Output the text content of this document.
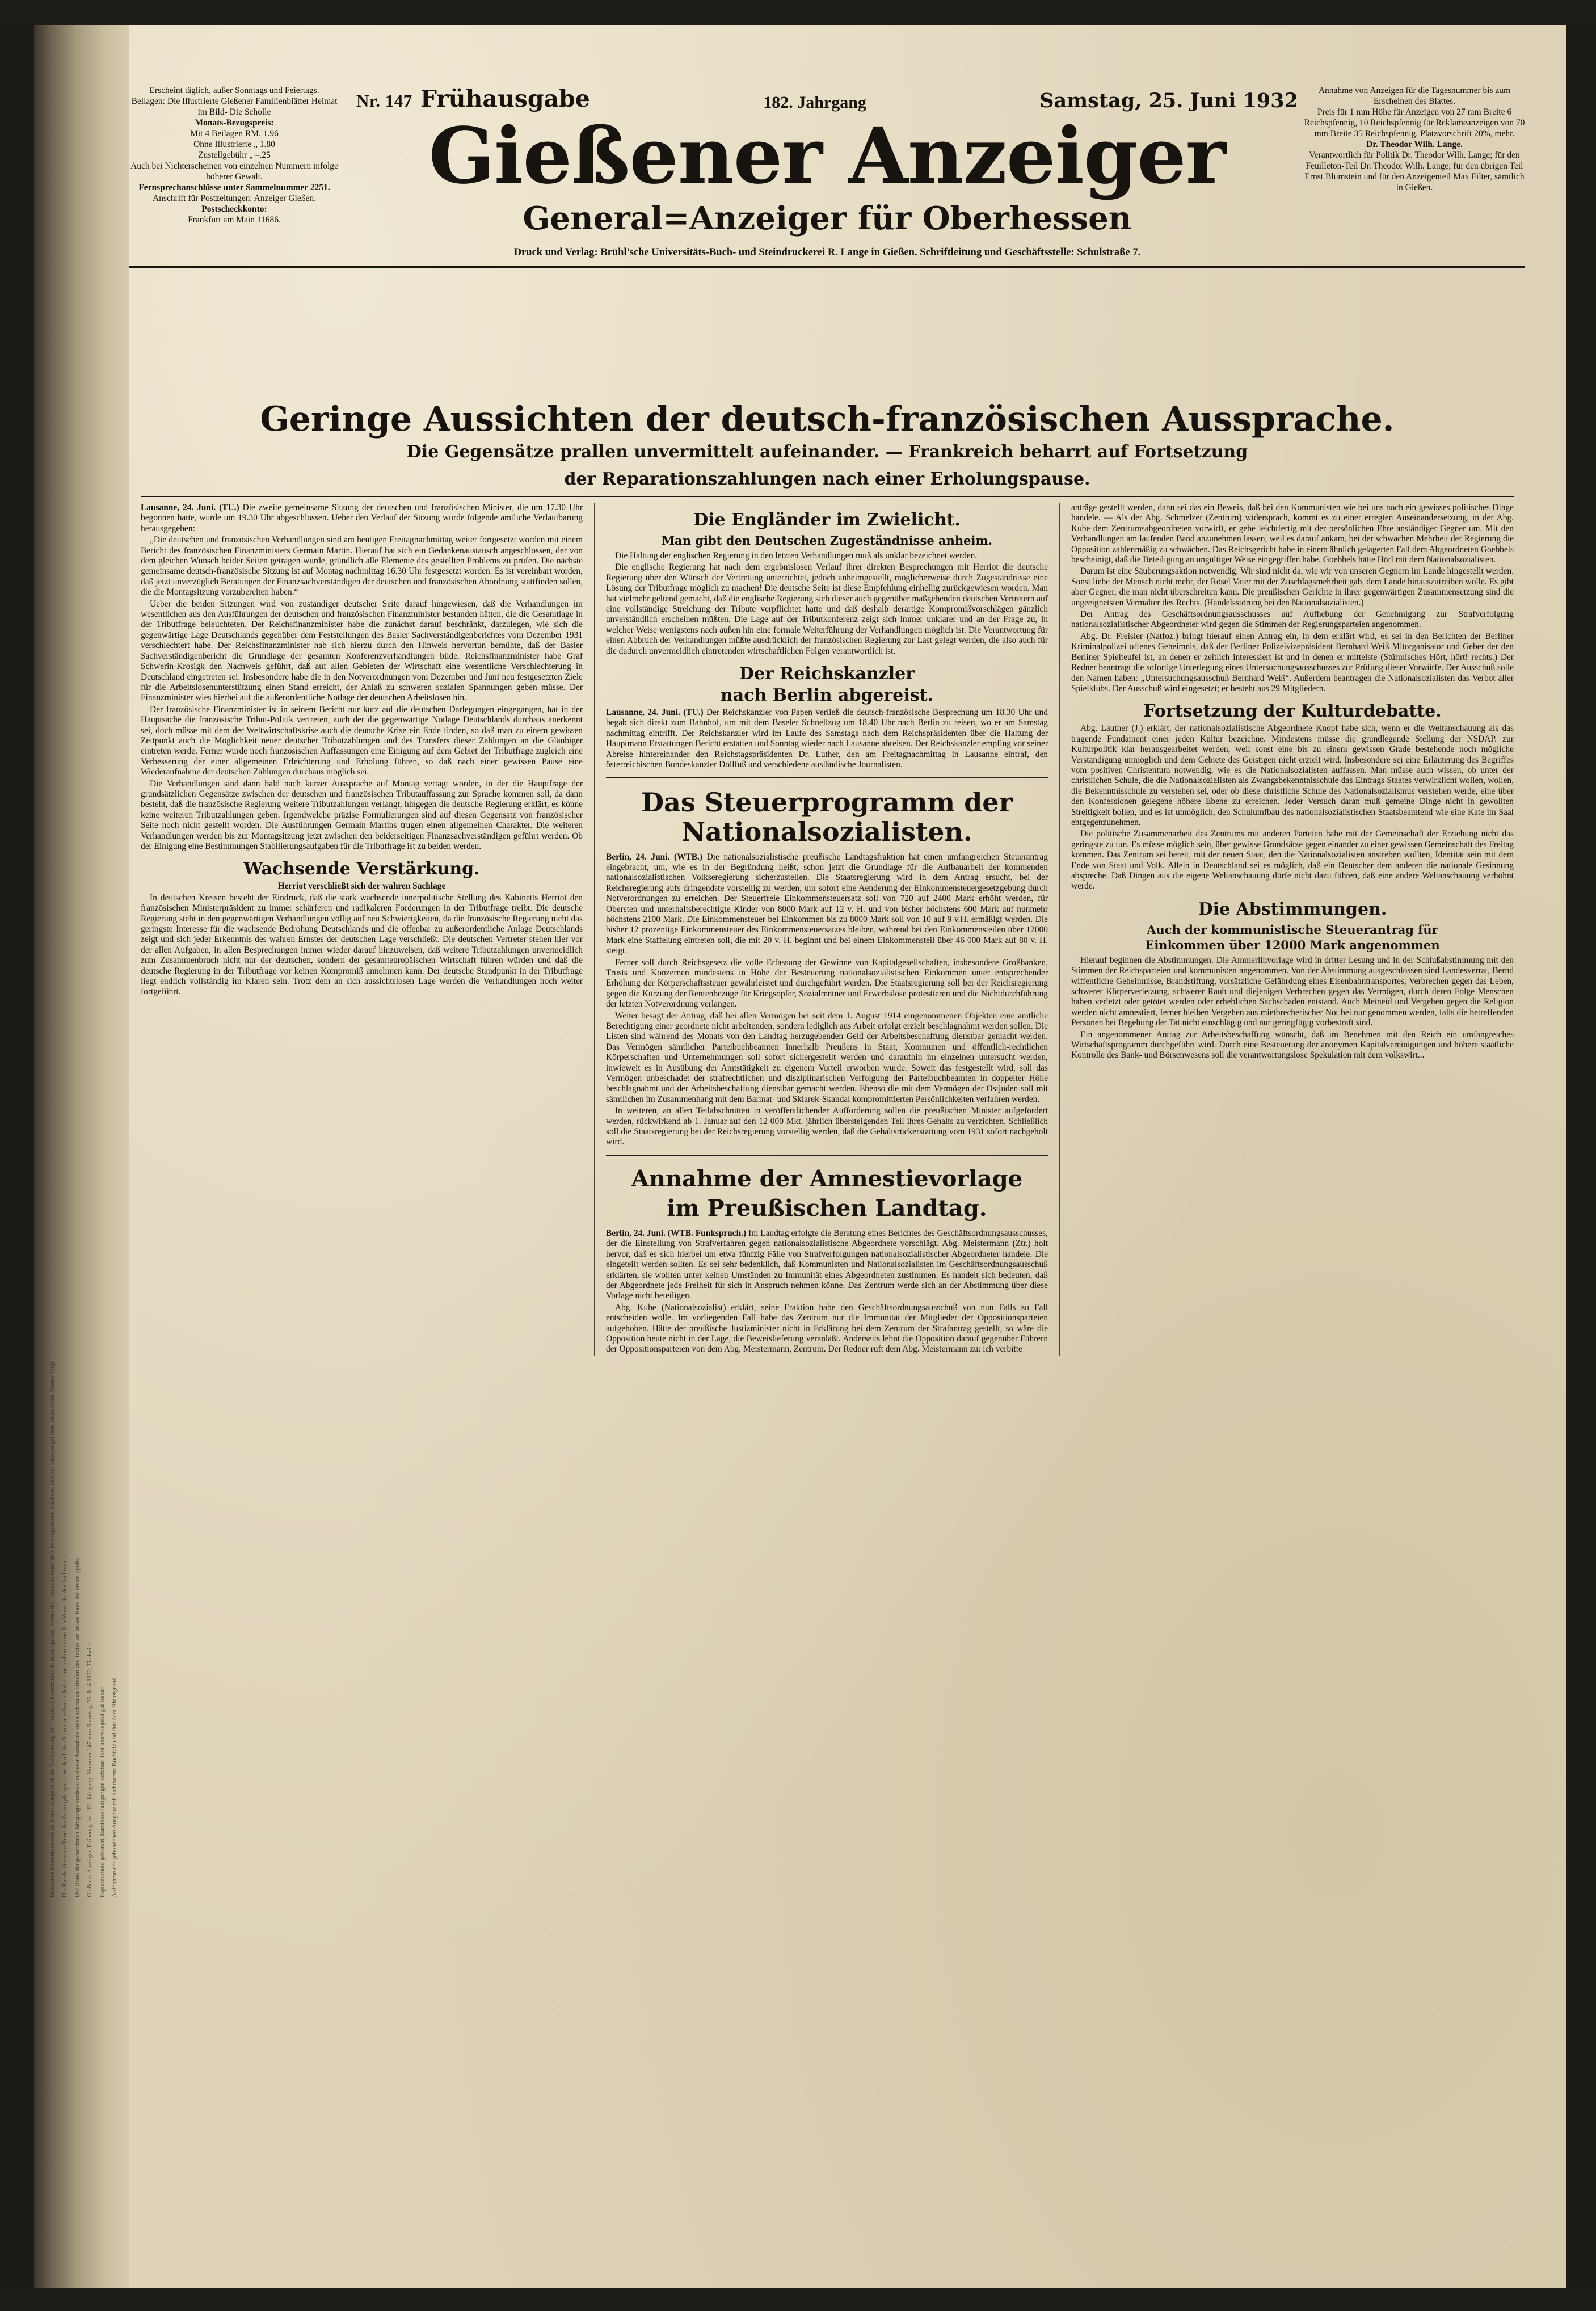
Besonders bemerkenswert an dieser Ausgabe ist die Verwendung der Fraktur-Überschriften in allen Spalten, wobei die Titelzeile besonders hervorgehoben erscheint und der Satzspiegel dem klassischen Muster folgt. Die Randnotizen am Bund des Zeitungsbogens sind durch den Scan nur teilweise lesbar und stellen vermutlich Vermerke des Archivs dar. Der Bund der gebundenen Jahrgänge verdeckt in dieser Aufnahme einen schmalen Streifen des Textes am linken Rand der ersten Spalte. Gießener Anzeiger, Frühausgabe, 182. Jahrgang, Nummer 147 vom Samstag, 25. Juni 1932, Titelseite. Papierzustand gebräunt, Randbeschädigungen sichtbar, Text überwiegend gut lesbar. Aufnahme der gebundenen Ausgabe mit sichtbarem Buchfalz und dunklem Hintergrund.
Erscheint täglich, außer Sonntags und Feiertags.
Beilagen: Die Illustrierte Gießener Familienblätter Heimat im Bild- Die Scholle
Monats-Bezugspreis:
Mit 4 Beilagen RM. 1.96
Ohne Illustrierte „ 1.80
Zustellgebühr „ –.25
Auch bei Nichterscheinen von einzelnen Nummern infolge höherer Gewalt.
Fernsprechanschlüsse unter Sammelnummer 2251.
Anschrift für Postzeitungen: Anzeiger Gießen.
Postscheckkonto:
Frankfurt am Main 11686.
Annahme von Anzeigen für die Tagesnummer bis zum Erscheinen des Blattes.
Preis für 1 mm Höhe für Anzeigen von 27 mm Breite 6 Reichspfennig, 10 Reichspfennig für Reklameanzeigen von 70 mm Breite 35 Reichspfennig. Platzvorschrift 20%, mehr.
Dr. Theodor Wilh. Lange.
Verantwortlich für Politik Dr. Theodor Wilh. Lange; für den Feuilleton-Teil Dr. Theodor Wilh. Lange; für den übrigen Teil Ernst Blumstein und für den Anzeigenteil Max Filter, sämtlich in Gießen.
Nr. 147 Frühausgabe	182. Jahrgang	Samstag, 25. Juni 1932
Gießener Anzeiger
General=Anzeiger für Oberhessen
Druck und Verlag: Brühl'sche Universitäts-Buch- und Steindruckerei R. Lange in Gießen. Schriftleitung und Geschäftsstelle: Schulstraße 7.
Geringe Aussichten der deutsch-französischen Aussprache.
Die Gegensätze prallen unvermittelt aufeinander. — Frankreich beharrt auf Fortsetzung
der Reparationszahlungen nach einer Erholungspause.

Lausanne, 24. Juni. (TU.) Die zweite gemeinsame Sitzung der deutschen und französischen Minister, die um 17.30 Uhr begonnen hatte, wurde um 19.30 Uhr abgeschlossen. Ueber den Verlauf der Sitzung wurde folgende amtliche Verlautbarung herausgegeben:

„Die deutschen und französischen Verhandlungen sind am heutigen Freitagnachmittag weiter fortgesetzt worden mit einem Bericht des französischen Finanzministers Germain Martin. Hierauf hat sich ein Gedankenaustausch angeschlossen, der von dem gleichen Wunsch beider Seiten getragen wurde, gründlich alle Elemente des gestellten Problems zu prüfen. Die nächste gemeinsame deutsch-französische Sitzung ist auf Montag nachmittag 16.30 Uhr festgesetzt worden. Es ist vereinbart worden, daß jetzt unverzüglich Beratungen der Finanzsachverständigen der deutschen und französischen Abordnung stattfinden sollen, die die Montagsitzung vorzubereiten haben.“

Ueber die beiden Sitzungen wird von zuständiger deutscher Seite darauf hingewiesen, daß die Verhandlungen im wesentlichen aus den Ausführungen der deutschen und französischen Finanzminister bestanden hätten, die die Gesamtlage in der Tributfrage beleuchteten. Der Reichsfinanzminister habe die zunächst darauf beschränkt, darzulegen, wie sich die gegenwärtige Lage Deutschlands gegenüber dem Feststellungen des Basler Sachverständigenberichtes vom Dezember 1931 verschlechtert habe. Der Reichsfinanzminister hab sich hierzu durch den Hinweis hervortun bemühte, daß der Basler Sachverständigenbericht die Grundlage der gesamten Konferenzverhandlungen bilde. Reichsfinanzminister habe Graf Schwerin-Krosigk den Nachweis geführt, daß auf allen Gebieten der Wirtschaft eine wesentliche Verschlechterung in Deutschland eingetreten sei. Insbesondere habe die in den Notverordnungen vom Dezember und Juni neu festgesetzten Ziele für die Arbeitslosenunterstützung einen Stand erreicht, der Anlaß zu schweren sozialen Spannungen geben müsse. Der Finanzminister wies hierbei auf die außerordentliche Notlage der deutschen Arbeitslosen hin.

Der französische Finanzminister ist in seinem Bericht nur kurz auf die deutschen Darlegungen eingegangen, hat in der Hauptsache die französische Tribut-Politik vertreten, auch der die gegenwärtige Notlage Deutschlands durchaus anerkennt sei, doch müsse mit dem der Weltwirtschaftskrise auch die deutsche Krise ein Ende finden, so daß man zu einem gewissen Zeitpunkt auch die Möglichkeit neuer deutscher Tributzahlungen und des Transfers dieser Zahlungen an die Gläubiger eintreten werde. Ferner wurde noch französischen Auffassungen eine Einigung auf dem Gebiet der Tributfrage zugleich eine Verbesserung der einer allgemeinen Erleichterung und Erholung führen, so daß nach einer gewissen Pause eine Wiederaufnahme der deutschen Zahlungen durchaus möglich sei.

Die Verhandlungen sind dann bald nach kurzer Aussprache auf Montag vertagt worden, in der die Hauptfrage der grundsätzlichen Gegensätze zwischen der deutschen und französischen Tributauffassung zur Sprache kommen soll, da dann besteht, daß die französische Regierung weitere Tributzahlungen verlangt, hingegen die deutsche Regierung erklärt, es könne keine weiteren Tributzahlungen geben. Irgendwelche präzise Formulierungen sind auf diesen Gegensatz von französischer Seite noch nicht gestellt worden. Die Ausführungen Germain Martins trugen einen allgemeinen Charakter. Die weiteren Verhandlungen werden bis zur Montagsitzung jetzt zwischen den beiderseitigen Finanzsachverständigen geführt werden. Ob der Einigung eine Bestimmungen Stabilierungsaufgaben für die Tributfrage ist zu beiden werden.

Wachsende Verstärkung.

Herriot verschließt sich der wahren Sachlage

In deutschen Kreisen besteht der Eindruck, daß die stark wachsende innerpolitische Stellung des Kabinetts Herriot den französischen Ministerpräsident zu immer schärferen und radikaleren Forderungen in der Tributfrage treibt. Die deutsche Regierung steht in den gegenwärtigen Verhandlungen völlig auf neu Schwierigkeiten, da die französische Regierung nicht das geringste Interesse für die wachsende Bedrohung Deutschlands und die offenbar zu außerordentliche Anlage Deutschlands zeigt und sich jeder Erkenntnis des wahren Ernstes der deutschen Lage verschließt. Die deutschen Vertreter stehen hier vor der allen Aufgaben, in allen Besprechungen immer wieder darauf hinzuweisen, daß weitere Tributzahlungen unvermeidlich zum Zusammenbruch nicht nur der deutschen, sondern der gesamteuropäischen Wirtschaft führen würden und daß die deutsche Regierung in der Tributfrage vor keinen Kompromiß annehmen kann. Der deutsche Standpunkt in der Tributfrage liegt endlich vollständig im Klaren sein. Trotz dem an sich aussichtslosen Lage werden die Verhandlungen noch weiter fortgeführt.

Die Engländer im Zwielicht.
Man gibt den Deutschen Zugeständnisse anheim.

Die Haltung der englischen Regierung in den letzten Verhandlungen muß als unklar bezeichnet werden.

Die englische Regierung hat nach dem ergebnislosen Verlauf ihrer direkten Besprechungen mit Herriot die deutsche Regierung über den Wünsch der Vertretung unterrichtet, jedoch anheimgestellt, möglicherweise durch Zugeständnisse eine Lösung der Tributfrage möglich zu machen! Die deutsche Seite ist diese Empfehlung einhellig zurückgewiesen worden. Man hat vielmehr geltend gemacht, daß die englische Regierung sich dieser auch gegenüber maßgebenden deutschen Vertretern auf eine vollständige Streichung der Tribute verpflichtet hatte und daß deshalb derartige Kompromißvorschlägen gänzlich unverständlich erscheinen müßten. Die Lage auf der Tributkonferenz zeigt sich immer unklarer und an der Frage zu, in welcher Weise wenigstens nach außen hin eine formale Weiterführung der Verhandlungen möglich ist. Die Verantwortung für einen Abbruch der Verhandlungen müßte ausdrücklich der französischen Regierung zur Last gelegt werden, die also auch für die dadurch unvermeidlich eintretenden wirtschaftlichen Folgen verantwortlich ist.

Der Reichskanzler
nach Berlin abgereist.

Lausanne, 24. Juni. (TU.) Der Reichskanzler von Papen verließ die deutsch-französische Besprechung um 18.30 Uhr und begab sich direkt zum Bahnhof, um mit dem Baseler Schnellzug um 18.40 Uhr nach Berlin zu reisen, wo er am Samstag nachmittag eintrifft. Der Reichskanzler wird im Laufe des Samstags nach dem Reichspräsidenten über die Haltung der Hauptmann Erstattungen Bericht erstatten und Sonntag wieder nach Lausanne abreisen. Der Reichskanzler empfing vor seiner Abreise hintereinander den Reichstagspräsidenten Dr. Luther, den am Freitagnachmittag in Lausanne eintraf, den österreichischen Bundeskanzler Dollfuß und verschiedene ausländische Journalisten.

Das Steuerprogramm der Nationalsozialisten.

Berlin, 24. Juni. (WTB.) Die nationalsozialistische preußische Landtagsfraktion hat einen umfangreichen Steuerantrag eingebracht, um, wie es in der Begründung heißt, schon jetzt die Grundlage für die Aufbauarbeit der kommenden nationalsozialistischen Volkseregierung sicherzustellen. Die Staatsregierung wird in dem Antrag ersucht, bei der Reichsregierung aufs dringendste vorstellig zu werden, um sofort eine Aenderung der Einkommensteuergesetzgebung durch Notverordnungen zu erreichen. Der Steuerfreie Einkommensteuersatz soll von 720 auf 2400 Mark erhöht werden, für Obersten und unterhaltsberechtigte Kinder von 8000 Mark auf 12 v. H. und von bisher höchstens 600 Mark auf nunmehr höchstens 2100 Mark. Die Einkommensteuer bei Einkommen bis zu 8000 Mark soll von 10 auf 9 v.H. ermäßigt werden. Die bisher 12 prozentige Einkommensteuer des Einkommensteuersatzes bleiben, während bei den Einkommensteilen über 12000 Mark eine Staffelung eintreten soll, die mit 20 v. H. beginnt und bei einem Einkommensteil über 46 000 Mark auf 80 v. H. steigt.

Ferner soll durch Reichsgesetz die volle Erfassung der Gewinne von Kapitalgesellschaften, insbesondere Großbanken, Trusts und Konzernen mindestens in Höhe der Besteuerung nationalsozialistischen Einkommen unter entsprechender Erhöhung der Körperschaftssteuer gewährleistet und durchgeführt werden. Die Staatsregierung soll bei der Reichsregierung gegen die Kürzung der Rentenbezüge für Kriegsopfer, Sozialrentner und Erwerbslose protestieren und die Nichtdurchführung der letzten Notverordnung verlangen.

Weiter besagt der Antrag, daß bei allen Vermögen bei seit dem 1. August 1914 eingenommenen Objekten eine amtliche Berechtigung einer geordnete nicht arbeitenden, sondern lediglich aus Arbeit erfolgt erzielt beschlagnahmt werden sollen. Die Listen sind während des Monats von den Landtag herzugebenden Geld der Arbeitsbeschaffung dienstbar gemacht werden. Das Vermögen sämtlicher Parteibuchbeamten innerhalb Preußens in Staat, Kommunen und öffentlich-rechtlichen Körperschaften und Unternehmungen soll sofort sichergestellt werden und daraufhin im einzelnen untersucht werden, inwieweit es in Ausübung der Amtstätigkeit zu eigenem Vorteil erworben wurde. Soweit das festgestellt wird, soll das Vermögen unbeschadet der strafrechtlichen und disziplinarischen Verfolgung der Parteibuchbeamten in doppelter Höhe beschlagnahmt und der Arbeitsbeschaffung dienstbar gemacht werden. Ebenso die mit dem Vermögen der Ostjuden soll mit sämtlichen im Zusammenhang mit dem Barmat- und Sklarek-Skandal kompromittierten Persönlichkeiten verfahren werden.

In weiteren, an allen Teilabschnitten in veröffentlichender Aufforderung sollen die preußischen Minister aufgefordert werden, rückwirkend ab 1. Januar auf den 12 000 Mkt. jährlich übersteigenden Teil ihres Gehalts zu verzichten. Schließlich soll die Staatsregierung bei der Reichsregierung vorstellig werden, daß die Gehaltsrückerstattung vom 1931 sofort nachgeholt wird.

Annahme der Amnestievorlage
im Preußischen Landtag.

Berlin, 24. Juni. (WTB. Funkspruch.) Im Landtag erfolgte die Beratung eines Berichtes des Geschäftsordnungsausschusses, der die Einstellung von Strafverfahren gegen nationalsozialistische Abgeordnete vorschlägt. Abg. Meistermann (Ztr.) holt hervor, daß es sich hierbei um etwa fünfzig Fälle von Strafverfolgungen nationalsozialistischer Abgeordneter handele. Die eingeteilt werden sollten. Es sei sehr bedenklich, daß Kommunisten und Nationalsozialisten im Geschäftsordnungsausschuß erklärten, sie wollten unter keinen Umständen zu Immunität eines Abgeordneten zustimmen. Es handelt sich bedeuten, daß der Abgeordnete jede Freiheit für sich in Anspruch nehmen könne. Das Zentrum werde sich an der Abstimmung über diese Vorlage nicht beteiligen.

Abg. Kube (Nationalsozialist) erklärt, seine Fraktion habe den Geschäftsordnungsausschuß von nun Falls zu Fall entscheiden wolle. Im vorliegenden Fall habe das Zentrum nur die Immunität der Mitglieder der Oppositionsparteien aufgehoben. Hätte der preußische Justizminister nicht in Erklärung bei dem Zentrum der Strafantrag gestellt, so wäre die Opposition heute nicht in der Lage, die Beweislieferung veranlaßt. Anderseits lehnt die Opposition darauf gegenüber Führern der Oppositionsparteien von dem Abg. Meistermann, Zentrum. Der Redner ruft dem Abg. Meistermann zu: ich verbitte

anträge gestellt werden, dann sei das ein Beweis, daß bei den Kommunisten wie bei uns noch ein gewisses politisches Dinge handele. — Als der Abg. Schmelzer (Zentrum) widersprach, kommt es zu einer erregten Auseinandersetzung, in der Abg. Kube dem Zentrumsabgeordneten vorwirft, er gebe leichtfertig mit der persönlichen Ehre anständiger Gegner um. Mit den Verhandlungen am laufenden Band anzunehmen lassen, weil es darauf ankam, bei der schwachen Mehrheit der Regierung die Opposition zahlenmäßig zu schwächen. Das Reichsgericht habe in einem ähnlich gelagerten Fall dem Abgeordneten Goebbels bescheinigt, daß die Beteiligung an ungültiger Weise eingegriffen habe. Goebbels hätte Hörl mit dem Nationalsozialisten.

Darum ist eine Säuberungsaktion notwendig. Wir sind nicht da, wie wir von unseren Gegnern im Lande hingestellt werden. Sonst liebe der Mensch nicht mehr, der Rösel Vater mit der Zuschlagsmehrheit gab, dem Lande hinauszutreiben wolle. Es gibt aber Gegner, die man nicht überschreiten kann. Die preußischen Gerichte in ihrer gegenwärtigen Zusammensetzung sind die ungeeignetsten Vermalter des Rechts. (Handelsstörung bei den Nationalsozialisten.)

Der Antrag des Geschäftsordnungsausschusses auf Aufhebung der Genehmigung zur Strafverfolgung nationalsozialistischer Abgeordneter wird gegen die Stimmen der Regierungsparteien angenommen.

Abg. Dr. Freisler (Natfoz.) bringt hierauf einen Antrag ein, in dem erklärt wird, es sei in den Berichten der Berliner Kriminalpolizei offenes Geheimnis, daß der Berliner Polizeivizepräsident Bernhard Weiß Mitorganisator und Geber der den Berliner Spielteufel ist, an denen er zeitlich interessiert ist und in denen er mittelste (Stürmisches Hört, hört! rechts.) Der Redner beantragt die sofortige Unterlegung eines Untersuchungsausschusses zur Prüfung dieser Vorwürfe. Der Ausschuß solle den Namen haben: „Untersuchungsausschuß Bernhard Weiß“. Außerdem beantragen die Nationalsozialisten das Verbot aller Spielklubs. Der Ausschuß wird eingesetzt; er besteht aus 29 Mitgliedern.

Fortsetzung der Kulturdebatte.

Abg. Lauther (J.) erklärt, der nationalsozialistische Abgeordnete Knopf habe sich, wenn er die Weltanschauung als das tragende Fundament einer jeden Kultur bezeichne. Mindestens müsse die grundlegende Stellung der NSDAP. zur Kulturpolitik klar herausgearbeitet werden, weil sonst eine bis zu einem gewissen Grade bestehende noch mögliche Verständigung unmöglich und dem Gebiete des Geistigen nicht erzielt wird. Insbesondere sei eine Erläuterung des Begriffes vom positiven Christentum notwendig, wie es die Nationalsozialisten auffassen. Man müsse auch wissen, ob unter der christlichen Schule, die die Nationalsozialisten als Zwangsbekenntnisschule das Eintrags Staates verwirklicht wollen, wollen, die Bekenntnisschule zu verstehen sei, oder ob diese christliche Schule des Nationalsozialismus verstehen werde, eine über den Konfessionen gelegene höhere Ebene zu erreichen. Jeder Versuch daran muß gemeine Dinge nicht in gewollten Streitigkeit bollen, und es ist unmöglich, den Schulumfbau des nationalsozialistischen Staatsbeamtend wie eine Kate im Saal entgegenzunehmen.

Die politische Zusammenarbeit des Zentrums mit anderen Parteien habe mit der Gemeinschaft der Erziehung nicht das geringste zu tun. Es müsse möglich sein, über gewisse Grundsätze gegen einander zu einer gewissen Gemeinschaft des Freitag kommen. Das Zentrum sei bereit, mit der neuen Staat, den die Nationalsozialisten anstreben wollten, Identität sein mit dem Ende von Staat und Volk. Allein in Deutschland sei es möglich, daß ein Deutscher dem anderen die nationale Gesinnung abspreche. Daß Dingen aus die eigene Weltanschauung dürfe nicht dazu führen, daß eine andere Weltanschauung verhöhnt werde.

Die Abstimmungen.
Auch der kommunistische Steuerantrag für
Einkommen über 12000 Mark angenommen

Hierauf beginnen die Abstimmungen. Die Ammerlinvorlage wird in dritter Lesung und in der Schlußabstimmung mit den Stimmen der Reichsparteien und kommunisten angenommen. Von der Abstimmung ausgeschlossen sind Landesverrat, Bernd wiffentliche Geheimnisse, Brandstiftung, vorsätzliche Gefährdung eines Eisenbahntransportes, Verbrechen gegen das Leben, schwerer Körperverletzung, schwerer Raub und diejenigen Verbrechen gegen das Vermögen, durch deren Folge Menschen haben verletzt oder getötet werden oder erheblichen Sachschaden entstand. Auch Meineid und Vergehen gegen die Religion werden nicht amnestiert, ferner bleiben Vergehen aus mietbrecherischer Not bei nur genommen werden, falls die betreffenden Personen bei Begehung der Tat nicht einschlägig und nur geringfügig vorbestraft sind.

Ein angenommener Antrag zur Arbeitsbeschaffung wünscht, daß im Benehmen mit den Reich ein umfangreiches Wirtschaftsprogramm durchgeführt wird. Durch eine Besteuerung der anonymen Kapitalvereinigungen und höhere staatliche Kontrolle des Bank- und Börsenwesens soll die verantwortungslose Spekulation mit dem volkswirt...
